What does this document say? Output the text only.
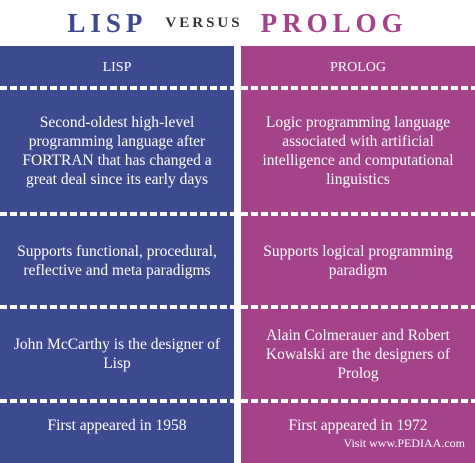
LISP VERSUS PROLOG
LISP
Second-oldest high-level programming language after FORTRAN that has changed a great deal since its early days
Supports functional, procedural, reflective and meta paradigms
John McCarthy is the designer of Lisp
First appeared in 1958
PROLOG
Logic programming language associated with artificial intelligence and computational linguistics
Supports logical programming paradigm
Alain Colmerauer and Robert Kowalski are the designers of Prolog
First appeared in 1972
Visit www.PEDIAA.com
